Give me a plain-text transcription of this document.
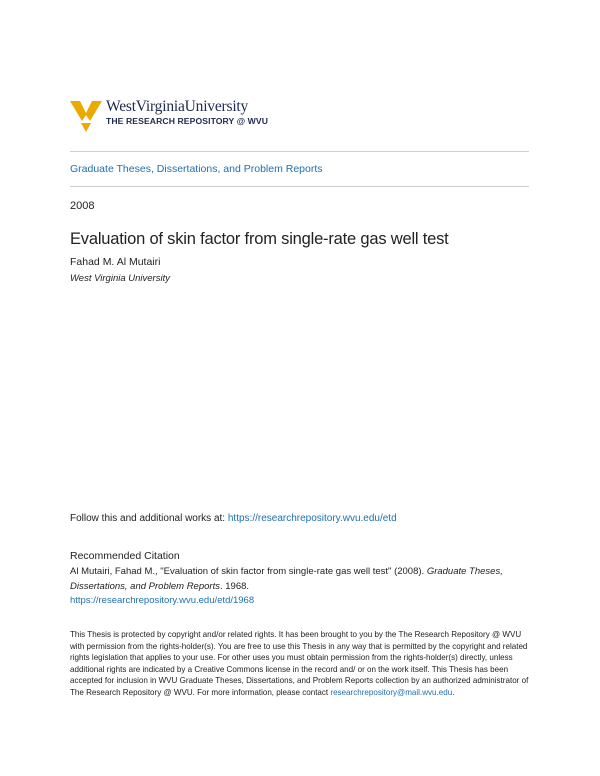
WestVirginiaUniversity
THE RESEARCH REPOSITORY @ WVU
Graduate Theses, Dissertations, and Problem Reports
2008
Evaluation of skin factor from single-rate gas well test
Fahad M. Al Mutairi
West Virginia University
Follow this and additional works at: https://researchrepository.wvu.edu/etd
Recommended Citation
Al Mutairi, Fahad M., "Evaluation of skin factor from single-rate gas well test" (2008). Graduate Theses, Dissertations, and Problem Reports. 1968.
https://researchrepository.wvu.edu/etd/1968
This Thesis is protected by copyright and/or related rights. It has been brought to you by the The Research Repository @ WVU with permission from the rights-holder(s). You are free to use this Thesis in any way that is permitted by the copyright and related rights legislation that applies to your use. For other uses you must obtain permission from the rights-holder(s) directly, unless additional rights are indicated by a Creative Commons license in the record and/ or on the work itself. This Thesis has been accepted for inclusion in WVU Graduate Theses, Dissertations, and Problem Reports collection by an authorized administrator of The Research Repository @ WVU. For more information, please contact researchrepository@mail.wvu.edu.
